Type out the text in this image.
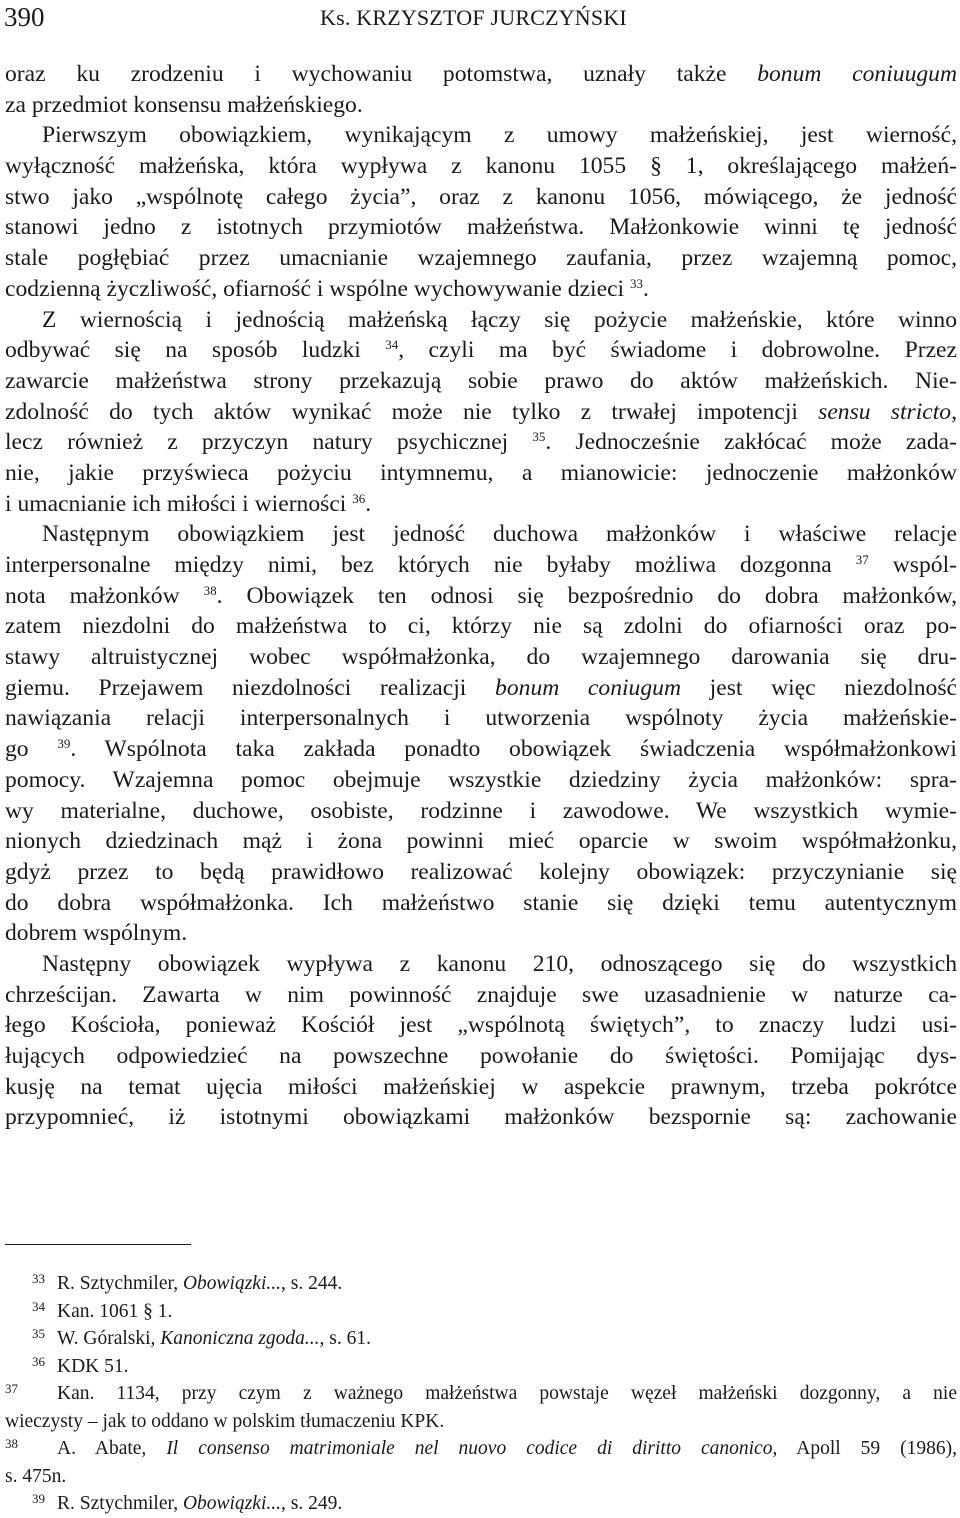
390	Ks. KRZYSZTOF JURCZYŃSKI
oraz ku zrodzeniu i wychowaniu potomstwa, uznały także bonum coniuugum
za przedmiot konsensu małżeńskiego.
Pierwszym obowiązkiem, wynikającym z umowy małżeńskiej, jest wierność,
wyłączność małżeńska, która wypływa z kanonu 1055 § 1, określającego małżeń-
stwo jako „wspólnotę całego życia”, oraz z kanonu 1056, mówiącego, że jedność
stanowi jedno z istotnych przymiotów małżeństwa. Małżonkowie winni tę jedność
stale pogłębiać przez umacnianie wzajemnego zaufania, przez wzajemną pomoc,
codzienną życzliwość, ofiarność i wspólne wychowywanie dzieci $^{33}$.
Z wiernością i jednością małżeńską łączy się pożycie małżeńskie, które winno
odbywać się na sposób ludzki $^{34}$, czyli ma być świadome i dobrowolne. Przez
zawarcie małżeństwa strony przekazują sobie prawo do aktów małżeńskich. Nie-
zdolność do tych aktów wynikać może nie tylko z trwałej impotencji sensu stricto,
lecz również z przyczyn natury psychicznej $^{35}$. Jednocześnie zakłócać może zada-
nie, jakie przyświeca pożyciu intymnemu, a mianowicie: jednoczenie małżonków
i umacnianie ich miłości i wierności $^{36}$.
Następnym obowiązkiem jest jedność duchowa małżonków i właściwe relacje
interpersonalne między nimi, bez których nie byłaby możliwa dozgonna $^{37}$ wspól-
nota małżonków $^{38}$. Obowiązek ten odnosi się bezpośrednio do dobra małżonków,
zatem niezdolni do małżeństwa to ci, którzy nie są zdolni do ofiarności oraz po-
stawy altruistycznej wobec współmałżonka, do wzajemnego darowania się dru-
giemu. Przejawem niezdolności realizacji bonum coniugum jest więc niezdolność
nawiązania relacji interpersonalnych i utworzenia wspólnoty życia małżeńskie-
go $^{39}$. Wspólnota taka zakłada ponadto obowiązek świadczenia współmałżonkowi
pomocy. Wzajemna pomoc obejmuje wszystkie dziedziny życia małżonków: spra-
wy materialne, duchowe, osobiste, rodzinne i zawodowe. We wszystkich wymie-
nionych dziedzinach mąż i żona powinni mieć oparcie w swoim współmałżonku,
gdyż przez to będą prawidłowo realizować kolejny obowiązek: przyczynianie się
do dobra współmałżonka. Ich małżeństwo stanie się dzięki temu autentycznym
dobrem wspólnym.
Następny obowiązek wypływa z kanonu 210, odnoszącego się do wszystkich
chrześcijan. Zawarta w nim powinność znajduje swe uzasadnienie w naturze ca-
łego Kościoła, ponieważ Kościół jest „wspólnotą świętych”, to znaczy ludzi usi-
łujących odpowiedzieć na powszechne powołanie do świętości. Pomijając dys-
kusję na temat ujęcia miłości małżeńskiej w aspekcie prawnym, trzeba pokrótce
przypomnieć, iż istotnymi obowiązkami małżonków bezspornie są: zachowanie
33 R. Sztychmiler, Obowiązki..., s. 244.
34 Kan. 1061 § 1.
35 W. Góralski, Kanoniczna zgoda..., s. 61.
36 KDK 51.
37 Kan. 1134, przy czym z ważnego małżeństwa powstaje węzeł małżeński dozgonny, a nie
wieczysty – jak to oddano w polskim tłumaczeniu KPK.
38 A. Abate, Il consenso matrimoniale nel nuovo codice di diritto canonico, Apoll 59 (1986),
s. 475n.
39 R. Sztychmiler, Obowiązki..., s. 249.
